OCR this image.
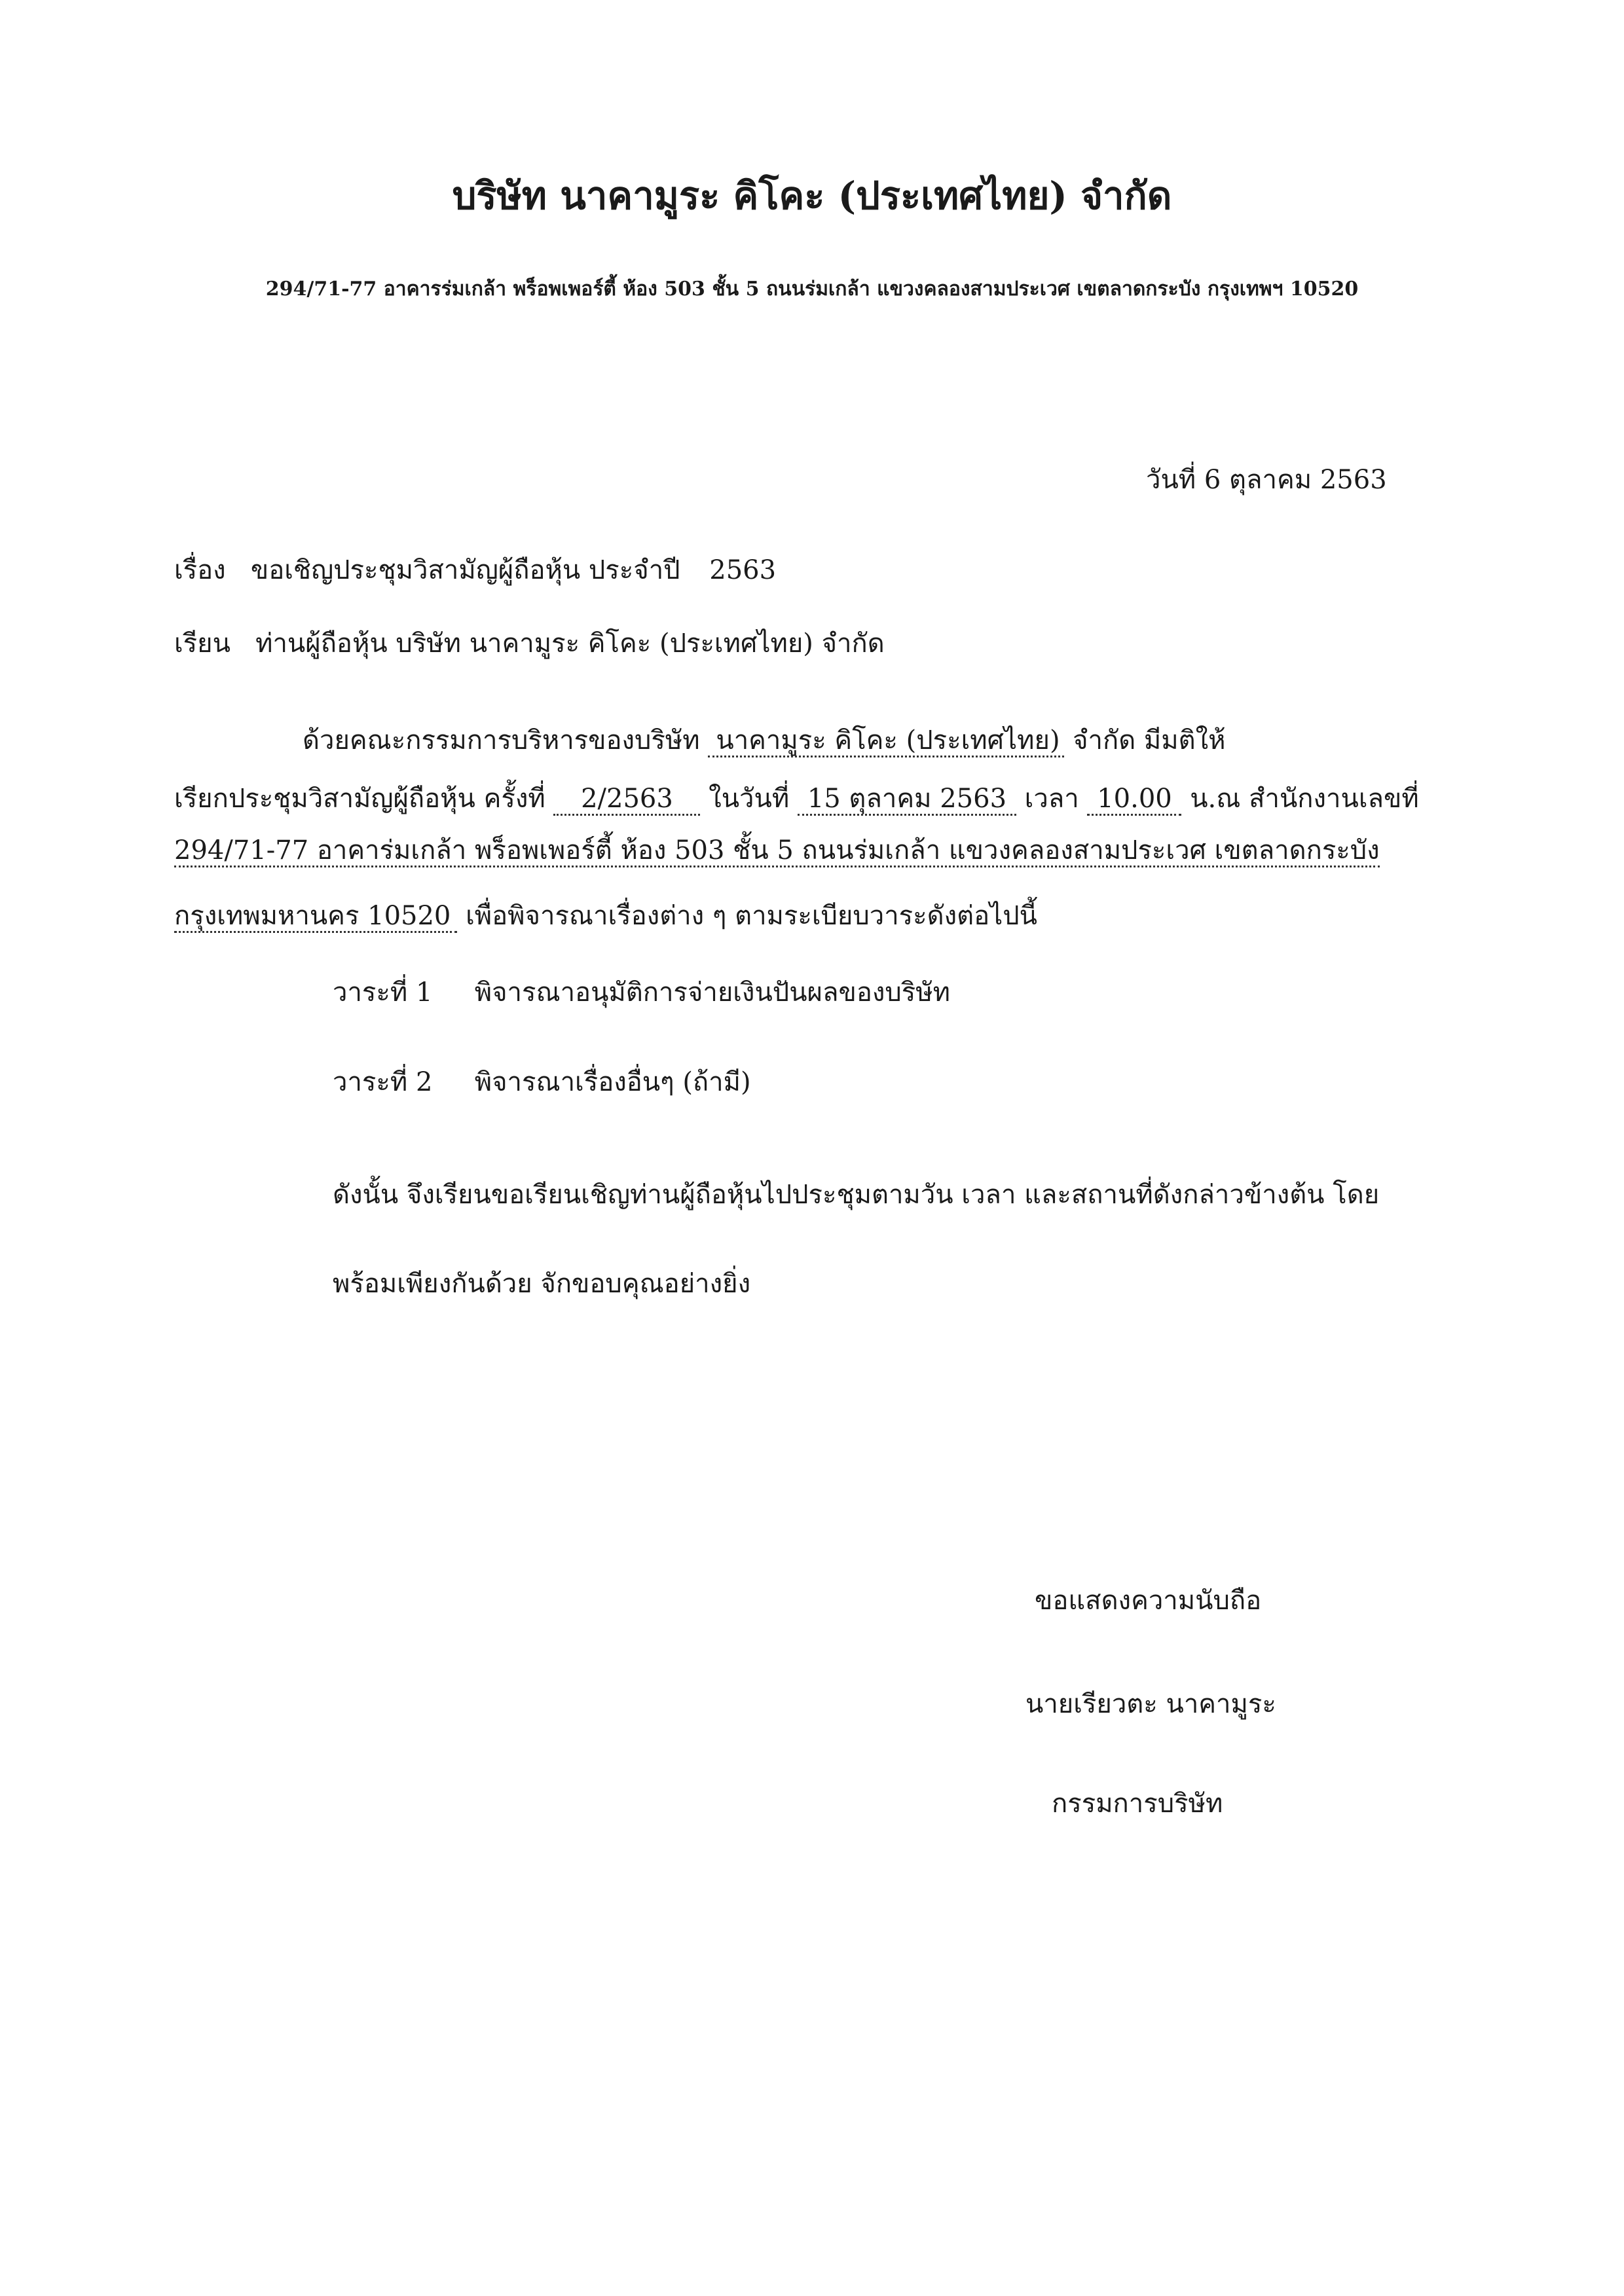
บริษัท นาคามูระ คิโคะ (ประเทศไทย) จำกัด
294/71-77 อาคารร่มเกล้า พร็อพเพอร์ตี้ ห้อง 503 ชั้น 5 ถนนร่มเกล้า แขวงคลองสามประเวศ เขตลาดกระบัง กรุงเทพฯ 10520
วันที่ 6 ตุลาคม 2563
เรื่อง ขอเชิญประชุมวิสามัญผู้ถือหุ้น ประจำปี 2563
เรียน ท่านผู้ถือหุ้น บริษัท นาคามูระ คิโคะ (ประเทศไทย) จำกัด
ด้วยคณะกรรมการบริหารของบริษัท นาคามูระ คิโคะ (ประเทศไทย) จำกัด มีมติให้
เรียกประชุมวิสามัญผู้ถือหุ้น ครั้งที่ 2/2563 ในวันที่ 15 ตุลาคม 2563 เวลา 10.00 น.ณ สำนักงานเลขที่
294/71-77 อาคาร่มเกล้า พร็อพเพอร์ตี้ ห้อง 503 ชั้น 5 ถนนร่มเกล้า แขวงคลองสามประเวศ เขตลาดกระบัง
กรุงเทพมหานคร 10520 เพื่อพิจารณาเรื่องต่าง ๆ ตามระเบียบวาระดังต่อไปนี้
วาระที่ 1 พิจารณาอนุมัติการจ่ายเงินปันผลของบริษัท
วาระที่ 2 พิจารณาเรื่องอื่นๆ (ถ้ามี)
ดังนั้น จึงเรียนขอเรียนเชิญท่านผู้ถือหุ้นไปประชุมตามวัน เวลา และสถานที่ดังกล่าวข้างต้น โดย
พร้อมเพียงกันด้วย จักขอบคุณอย่างยิ่ง
ขอแสดงความนับถือ
นายเรียวตะ นาคามูระ
กรรมการบริษัท
